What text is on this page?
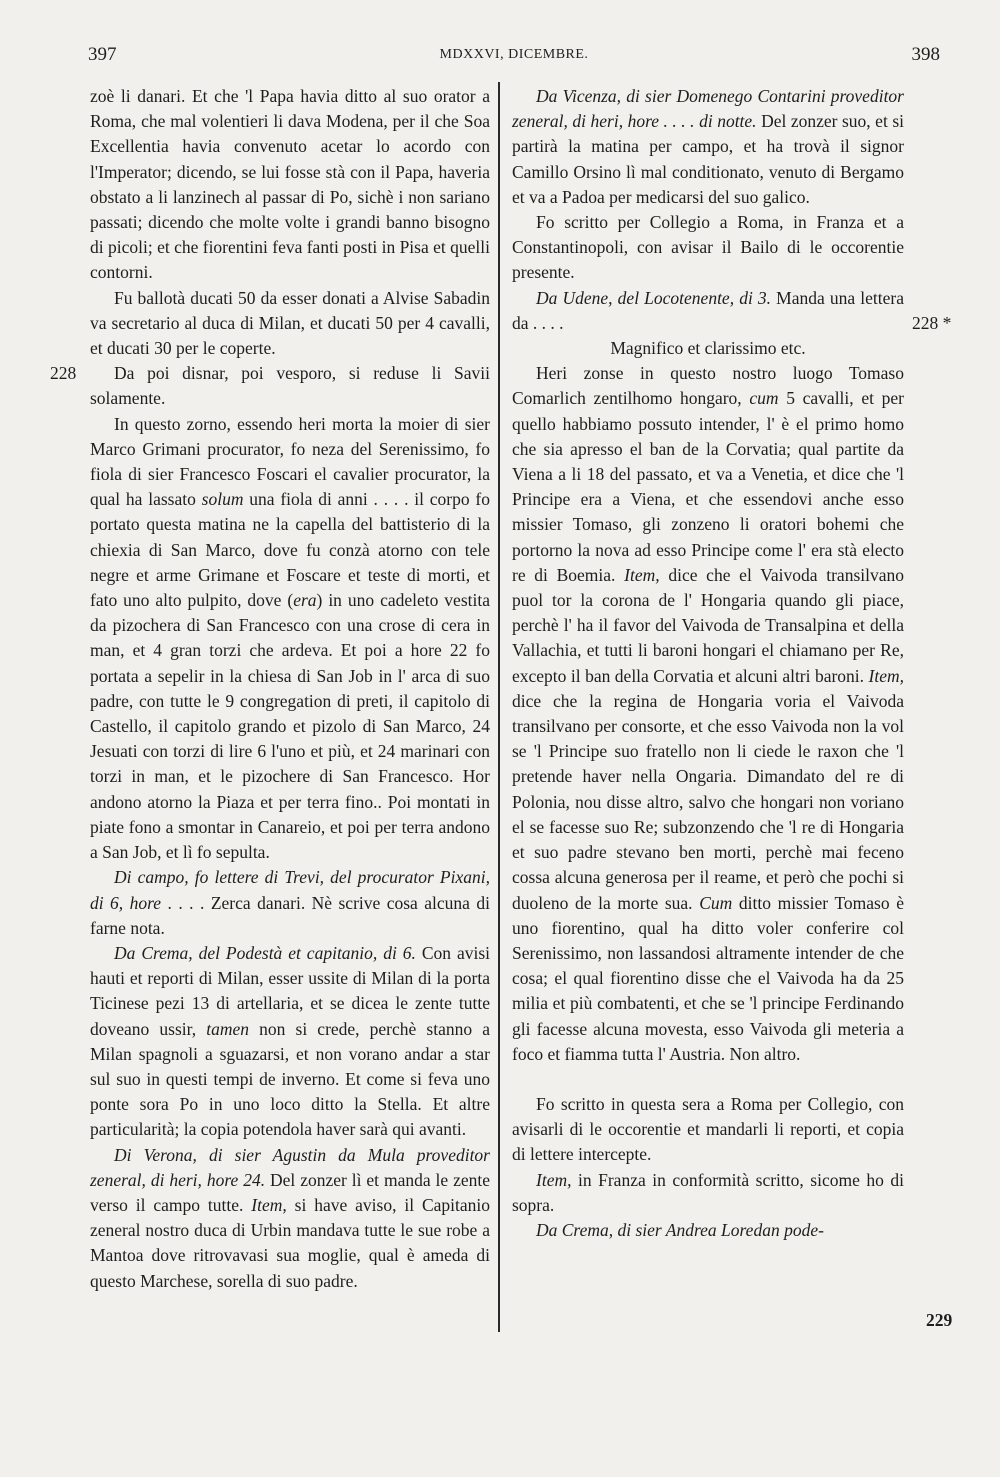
397	MDXXVI, DICEMBRE.	398
228
228 *
229

zoè li danari. Et che 'l Papa havia ditto al suo orator a Roma, che mal volentieri li dava Modena, per il che Soa Excellentia havia convenuto acetar lo acordo con l'Imperator; dicendo, se lui fosse stà con il Papa, haveria obstato a li lanzinech al passar di Po, sichè i non sariano passati; dicendo che molte volte i grandi banno bisogno di picoli; et che fiorentini feva fanti posti in Pisa et quelli contorni.

Fu ballotà ducati 50 da esser donati a Alvise Sabadin va secretario al duca di Milan, et ducati 50 per 4 cavalli, et ducati 30 per le coperte.

Da poi disnar, poi vesporo, si reduse li Savii solamente.

In questo zorno, essendo heri morta la moier di sier Marco Grimani procurator, fo neza del Serenissimo, fo fiola di sier Francesco Foscari el cavalier procurator, la qual ha lassato solum una fiola di anni . . . . il corpo fo portato questa matina ne la capella del battisterio di la chiexia di San Marco, dove fu conzà atorno con tele negre et arme Grimane et Foscare et teste di morti, et fato uno alto pulpito, dove (era) in uno cadeleto vestita da pizochera di San Francesco con una crose di cera in man, et 4 gran torzi che ardeva. Et poi a hore 22 fo portata a sepelir in la chiesa di San Job in l' arca di suo padre, con tutte le 9 congregation di preti, il capitolo di Castello, il capitolo grando et pizolo di San Marco, 24 Jesuati con torzi di lire 6 l'uno et più, et 24 marinari con torzi in man, et le pizochere di San Francesco. Hor andono atorno la Piaza et per terra fino.. Poi montati in piate fono a smontar in Canareio, et poi per terra andono a San Job, et lì fo sepulta.

Di campo, fo lettere di Trevi, del procurator Pixani, di 6, hore . . . . Zerca danari. Nè scrive cosa alcuna di farne nota.

Da Crema, del Podestà et capitanio, di 6. Con avisi hauti et reporti di Milan, esser ussite di Milan di la porta Ticinese pezi 13 di artellaria, et se dicea le zente tutte doveano ussir, tamen non si crede, perchè stanno a Milan spagnoli a sguazarsi, et non vorano andar a star sul suo in questi tempi de inverno. Et come si feva uno ponte sora Po in uno loco ditto la Stella. Et altre particularità; la copia potendola haver sarà qui avanti.

Di Verona, di sier Agustin da Mula proveditor zeneral, di heri, hore 24. Del zonzer lì et manda le zente verso il campo tutte. Item, si have aviso, il Capitanio zeneral nostro duca di Urbin mandava tutte le sue robe a Mantoa dove ritrovavasi sua moglie, qual è ameda di questo Marchese, sorella di suo padre.

Da Vicenza, di sier Domenego Contarini proveditor zeneral, di heri, hore . . . . di notte. Del zonzer suo, et si partirà la matina per campo, et ha trovà il signor Camillo Orsino lì mal conditionato, venuto di Bergamo et va a Padoa per medicarsi del suo galico.

Fo scritto per Collegio a Roma, in Franza et a Constantinopoli, con avisar il Bailo di le occorentie presente.

Da Udene, del Locotenente, di 3. Manda una lettera da . . . .

Magnifico et clarissimo etc.

Heri zonse in questo nostro luogo Tomaso Comarlich zentilhomo hongaro, cum 5 cavalli, et per quello habbiamo possuto intender, l' è el primo homo che sia apresso el ban de la Corvatia; qual partite da Viena a li 18 del passato, et va a Venetia, et dice che 'l Principe era a Viena, et che essendovi anche esso missier Tomaso, gli zonzeno li oratori bohemi che portorno la nova ad esso Principe come l' era stà electo re di Boemia. Item, dice che el Vaivoda transilvano puol tor la corona de l' Hongaria quando gli piace, perchè l' ha il favor del Vaivoda de Transalpina et della Vallachia, et tutti li baroni hongari el chiamano per Re, excepto il ban della Corvatia et alcuni altri baroni. Item, dice che la regina de Hongaria voria el Vaivoda transilvano per consorte, et che esso Vaivoda non la vol se 'l Principe suo fratello non li ciede le raxon che 'l pretende haver nella Ongaria. Dimandato del re di Polonia, nou disse altro, salvo che hongari non voriano el se facesse suo Re; subzonzendo che 'l re di Hongaria et suo padre stevano ben morti, perchè mai feceno cossa alcuna generosa per il reame, et però che pochi si duoleno de la morte sua. Cum ditto missier Tomaso è uno fiorentino, qual ha ditto voler conferire col Serenissimo, non lassandosi altramente intender de che cosa; el qual fiorentino disse che el Vaivoda ha da 25 milia et più combatenti, et che se 'l principe Ferdinando gli facesse alcuna movesta, esso Vaivoda gli meteria a foco et fiamma tutta l' Austria. Non altro.

Fo scritto in questa sera a Roma per Collegio, con avisarli di le occorentie et mandarli li reporti, et copia di lettere intercepte.

Item, in Franza in conformità scritto, sicome ho di sopra.

Da Crema, di sier Andrea Loredan pode-
